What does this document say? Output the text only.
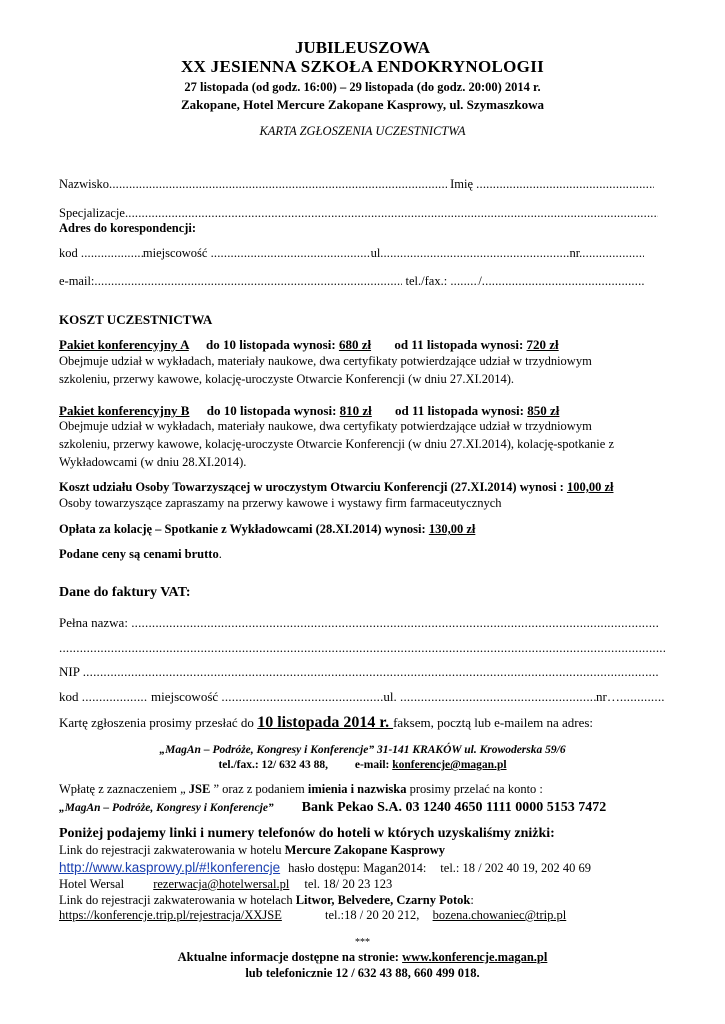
JUBILEUSZOWA
XX JESIENNA SZKOŁA ENDOKRYNOLOGII
27 listopada (od godz. 16:00) – 29 listopada (do godz. 20:00) 2014 r.
Zakopane, Hotel Mercure Zakopane Kasprowy, ul. Szymaszkowa
KARTA ZGŁOSZENIA UCZESTNICTWA
Nazwisko .....	Imię .....
Specjalizacje.....
Adres do korespondencji:
kod .....	miejscowość .....	ul. .....	nr......
e-mail: .....	tel./fax.: ...../.....
KOSZT UCZESTNICTWA
Pakiet konferencyjny A do 10 listopada wynosi: 680 zł od 11 listopada wynosi: 720 zł
Obejmuje udział w wykładach, materiały naukowe, dwa certyfikaty potwierdzające udział w trzydniowym
szkoleniu, przerwy kawowe, kolację-uroczyste Otwarcie Konferencji (w dniu 27.XI.2014).
Pakiet konferencyjny B do 10 listopada wynosi: 810 zł od 11 listopada wynosi: 850 zł
Obejmuje udział w wykładach, materiały naukowe, dwa certyfikaty potwierdzające udział w trzydniowym
szkoleniu, przerwy kawowe, kolację-uroczyste Otwarcie Konferencji (w dniu 27.XI.2014), kolację-spotkanie z
Wykładowcami (w dniu 28.XI.2014).
Koszt udziału Osoby Towarzyszącej w uroczystym Otwarciu Konferencji (27.XI.2014) wynosi : 100,00 zł
Osoby towarzyszące zapraszamy na przerwy kawowe i wystawy firm farmaceutycznych
Opłata za kolację – Spotkanie z Wykładowcami (28.XI.2014) wynosi: 130,00 zł
Podane ceny są cenami brutto.
Dane do faktury VAT:
Pełna nazwa: .....
.....
NIP .....
kod .....	miejscowość .....	ul. .....	nr….....
Kartę zgłoszenia prosimy przesłać do 10 listopada 2014 r. faksem, pocztą lub e-mailem na adres:
„MagAn – Podróże, Kongresy i Konferencje” 31-141 KRAKÓW ul. Krowoderska 59/6
tel./fax.: 12/ 632 43 88, e-mail: konferencje@magan.pl
Wpłatę z zaznaczeniem „ JSE ” oraz z podaniem imienia i nazwiska prosimy przelać na konto :
„MagAn – Podróże, Kongresy i Konferencje” Bank Pekao S.A. 03 1240 4650 1111 0000 5153 7472
Poniżej podajemy linki i numery telefonów do hoteli w których uzyskaliśmy zniżki:
Link do rejestracji zakwaterowania w hotelu Mercure Zakopane Kasprowy
http://www.kasprowy.pl/#!konferencje hasło dostępu: Magan2014: tel.: 18 / 202 40 19, 202 40 69
Hotel Wersal rezerwacja@hotelwersal.pl tel. 18/ 20 23 123
Link do rejestracji zakwaterowania w hotelach Litwor, Belvedere, Czarny Potok:
https://konferencje.trip.pl/rejestracja/XXJSE	tel.:18 / 20 20 212, bozena.chowaniec@trip.pl
***
Aktualne informacje dostępne na stronie: www.konferencje.magan.pl
lub telefonicznie 12 / 632 43 88, 660 499 018.
